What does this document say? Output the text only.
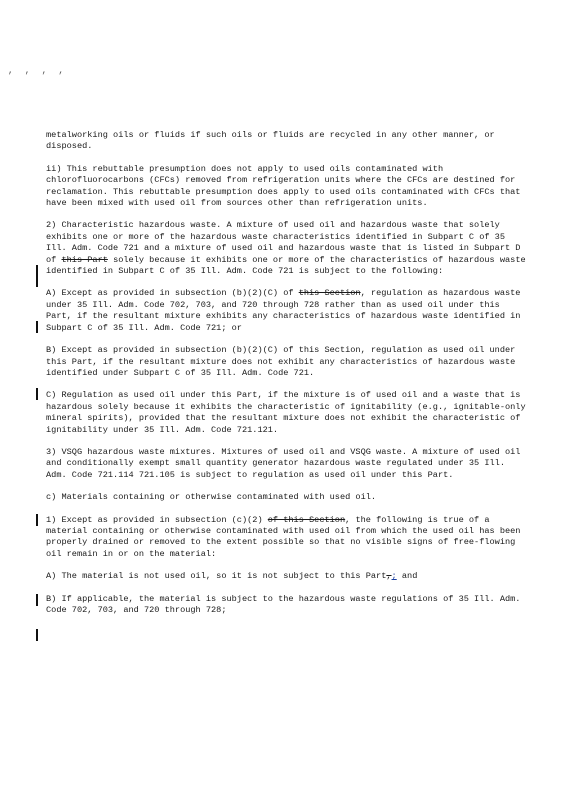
, , , ,

metalworking oils or fluids if such oils or fluids are recycled in any other manner, or disposed.

ii) This rebuttable presumption does not apply to used oils contaminated with chlorofluorocarbons (CFCs) removed from refrigeration units where the CFCs are destined for reclamation. This rebuttable presumption does apply to used oils contaminated with CFCs that have been mixed with used oil from sources other than refrigeration units.

2) Characteristic hazardous waste. A mixture of used oil and hazardous waste that solely exhibits one or more of the hazardous waste characteristics identified in Subpart C of 35 Ill. Adm. Code 721 and a mixture of used oil and hazardous waste that is listed in Subpart D of this Part solely because it exhibits one or more of the characteristics of hazardous waste identified in Subpart C of 35 Ill. Adm. Code 721 is subject to the following:

A) Except as provided in subsection (b)(2)(C) of this Section, regulation as hazardous waste under 35 Ill. Adm. Code 702, 703, and 720 through 728 rather than as used oil under this Part, if the resultant mixture exhibits any characteristics of hazardous waste identified in Subpart C of 35 Ill. Adm. Code 721; or

B) Except as provided in subsection (b)(2)(C) of this Section, regulation as used oil under this Part, if the resultant mixture does not exhibit any characteristics of hazardous waste identified under Subpart C of 35 Ill. Adm. Code 721.

C) Regulation as used oil under this Part, if the mixture is of used oil and a waste that is hazardous solely because it exhibits the characteristic of ignitability (e.g., ignitable-only mineral spirits), provided that the resultant mixture does not exhibit the characteristic of ignitability under 35 Ill. Adm. Code 721.121.

3) VSQG hazardous waste mixtures. Mixtures of used oil and VSQG waste. A mixture of used oil and conditionally exempt small quantity generator hazardous waste regulated under 35 Ill. Adm. Code 721.114 721.105 is subject to regulation as used oil under this Part.

c) Materials containing or otherwise contaminated with used oil.

1) Except as provided in subsection (c)(2) of this Section, the following is true of a material containing or otherwise contaminated with used oil from which the used oil has been properly drained or removed to the extent possible so that no visible signs of free-flowing oil remain in or on the material:

A) The material is not used oil, so it is not subject to this Part,; and

B) If applicable, the material is subject to the hazardous waste regulations of 35 Ill. Adm. Code 702, 703, and 720 through 728;
